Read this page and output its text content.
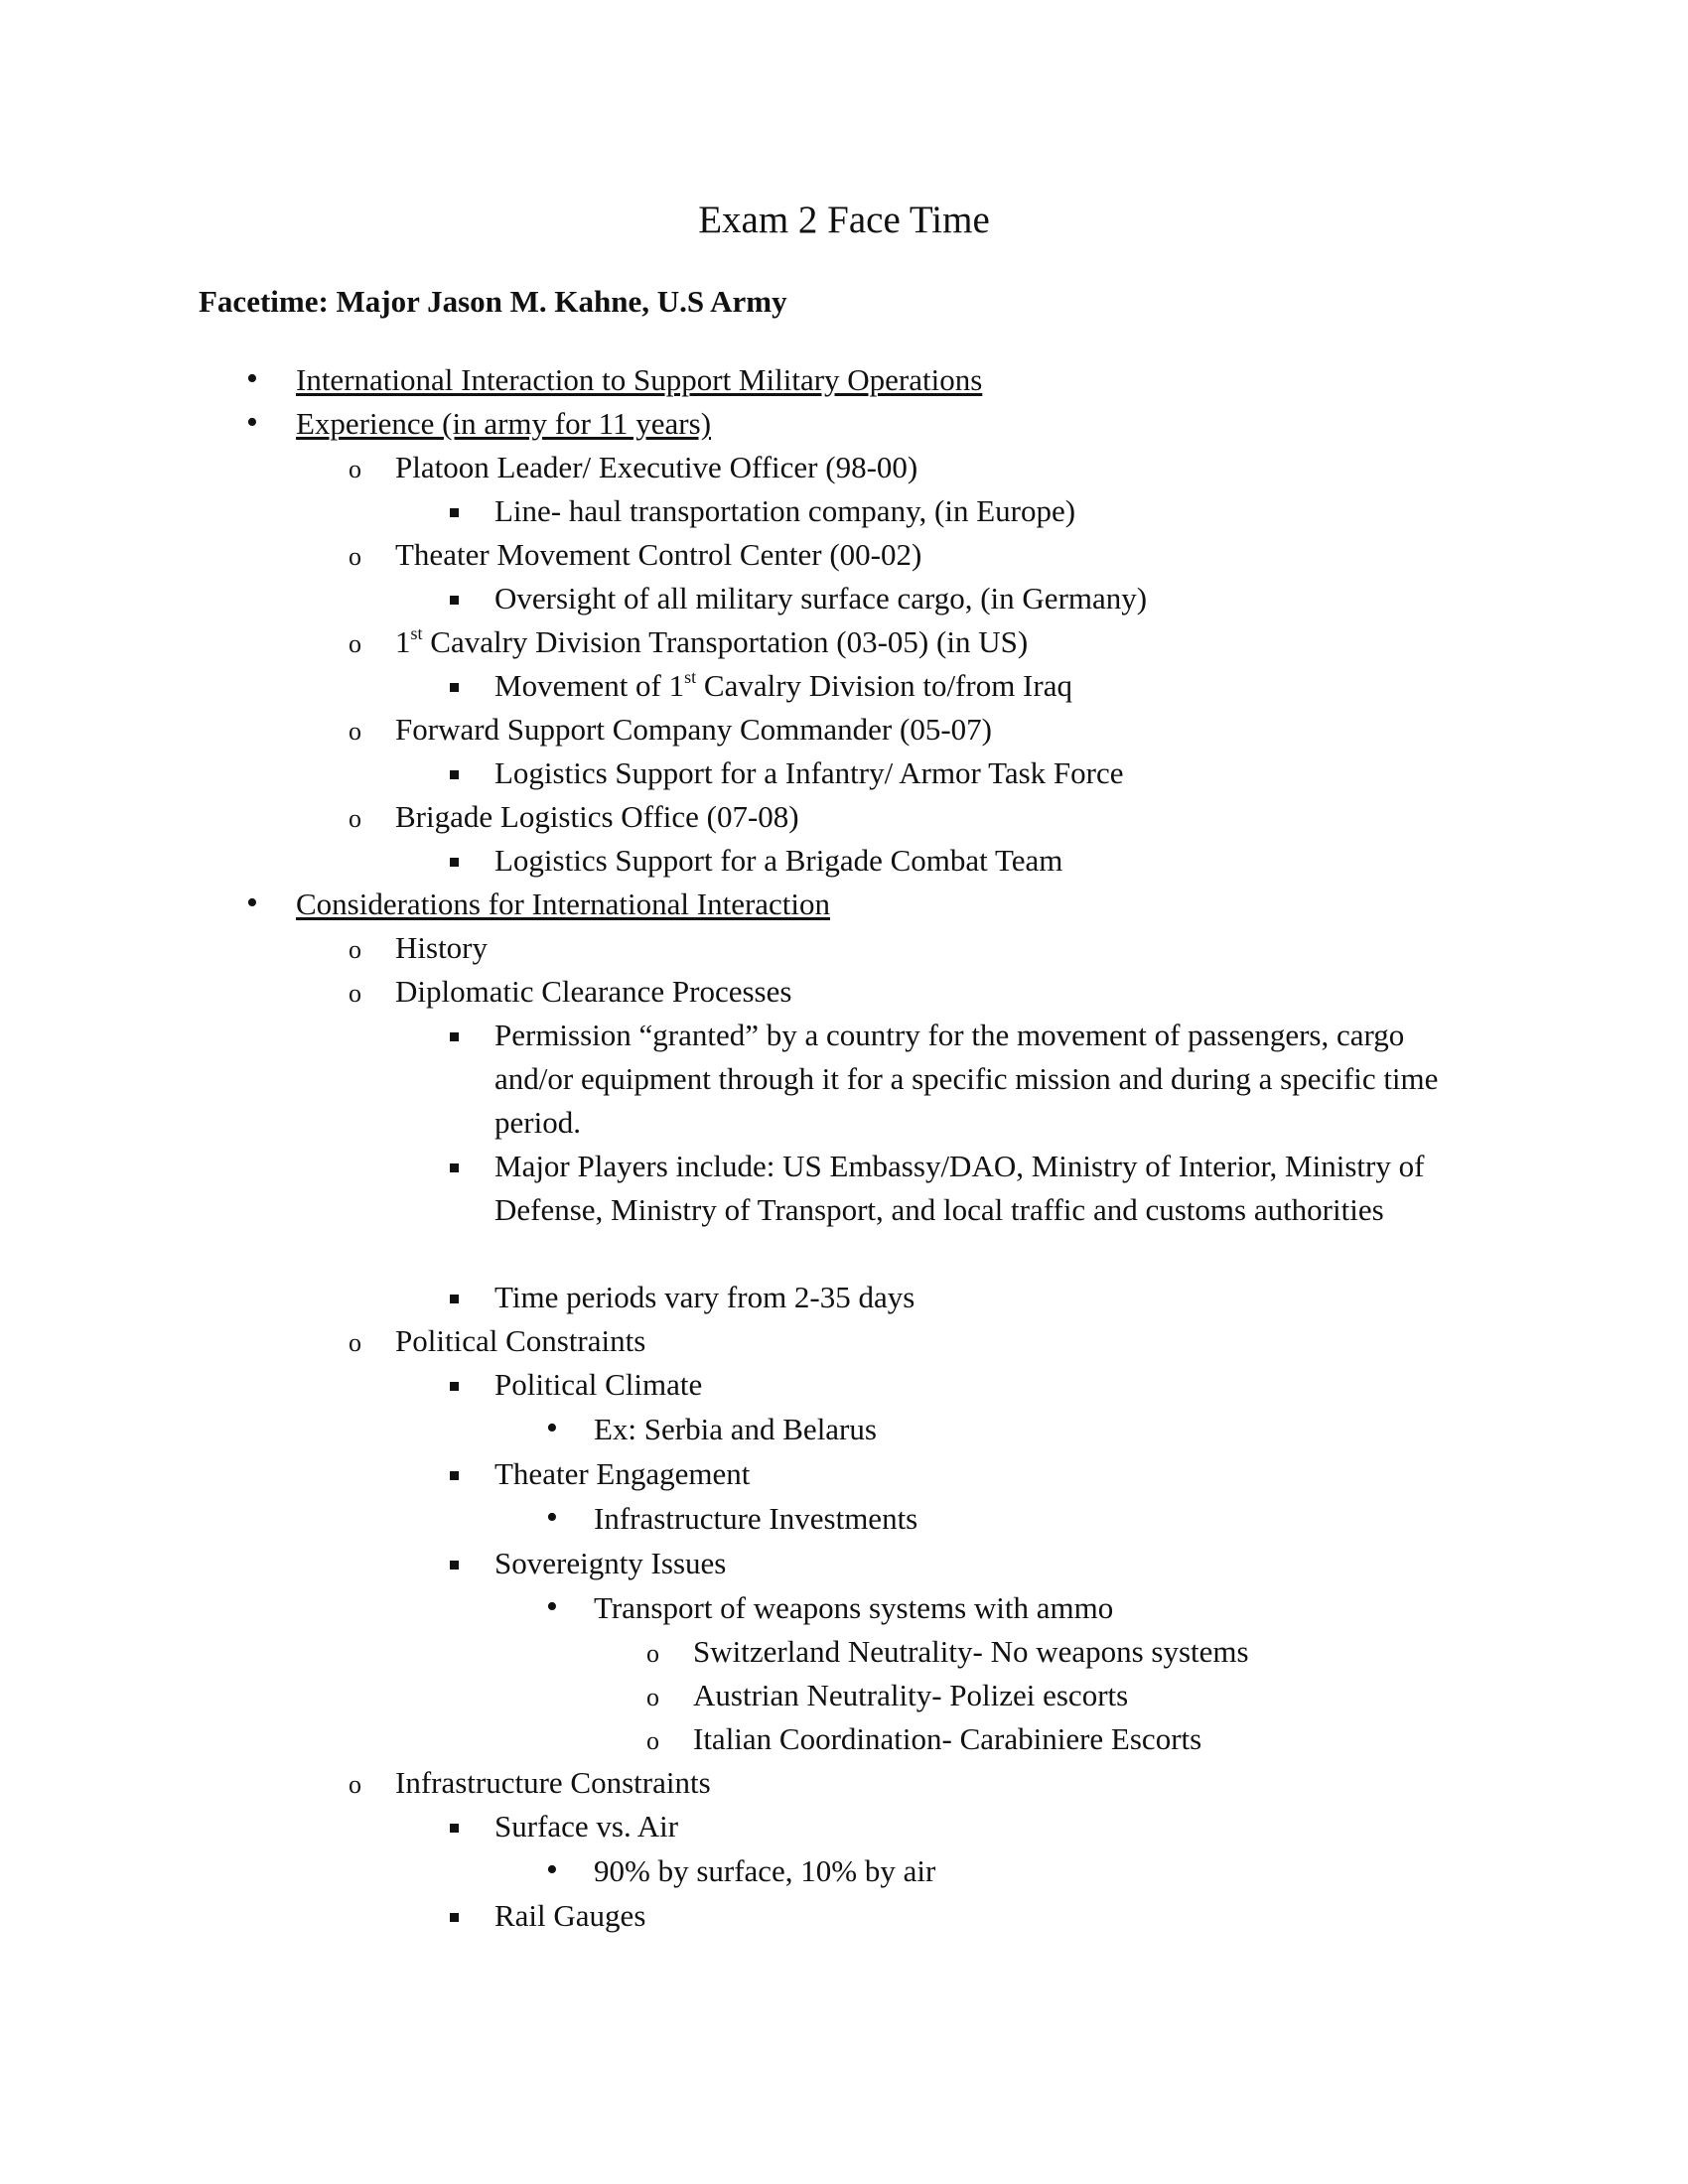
Exam 2 Face Time
Facetime: Major Jason M. Kahne, U.S Army
•
International Interaction to Support Military Operations
•
Experience (in army for 11 years)
o
Platoon Leader/ Executive Officer (98-00)
Line- haul transportation company, (in Europe)
o
Theater Movement Control Center (00-02)
Oversight of all military surface cargo, (in Germany)
o
1st Cavalry Division Transportation (03-05) (in US)
Movement of 1st Cavalry Division to/from Iraq
o
Forward Support Company Commander (05-07)
Logistics Support for a Infantry/ Armor Task Force
o
Brigade Logistics Office (07-08)
Logistics Support for a Brigade Combat Team
•
Considerations for International Interaction
o
History
o
Diplomatic Clearance Processes
Permission “granted” by a country for the movement of passengers, cargo and/or equipment through it for a specific mission and during a specific time period.
Major Players include: US Embassy/DAO, Ministry of Interior, Ministry of Defense, Ministry of Transport, and local traffic and customs authorities
Time periods vary from 2-35 days
o
Political Constraints
Political Climate
•
Ex: Serbia and Belarus
Theater Engagement
•
Infrastructure Investments
Sovereignty Issues
•
Transport of weapons systems with ammo
o
Switzerland Neutrality- No weapons systems
o
Austrian Neutrality- Polizei escorts
o
Italian Coordination- Carabiniere Escorts
o
Infrastructure Constraints
Surface vs. Air
•
90% by surface, 10% by air
Rail Gauges
